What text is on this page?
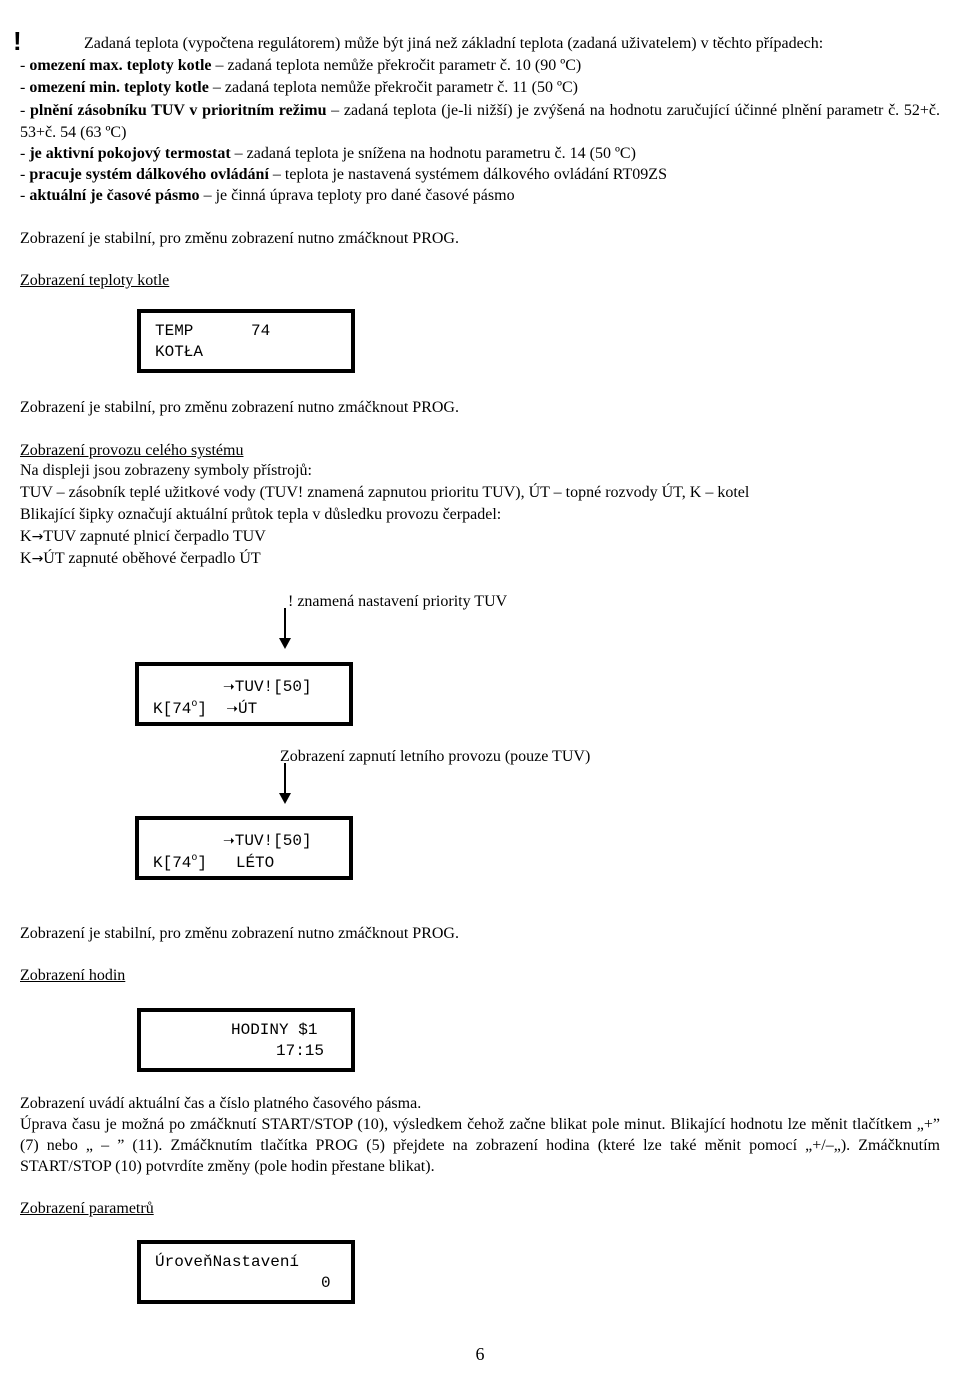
!	Zadaná teplota (vypočtena regulátorem) může být jiná než základní teplota (zadaná uživatelem) v těchto případech:
- omezení max. teploty kotle – zadaná teplota nemůže překročit parametr č. 10 (90 ºC)
- omezení min. teploty kotle – zadaná teplota nemůže překročit parametr č. 11 (50 ºC)
- plnění zásobníku TUV v prioritním režimu – zadaná teplota (je-li nižší) je zvýšená na hodnotu zaručující účinné plnění parametr č. 52+č. 53+č. 54 (63 ºC)
- je aktivní pokojový termostat – zadaná teplota je snížena na hodnotu parametru č. 14 (50 ºC)
- pracuje systém dálkového ovládání – teplota je nastavená systémem dálkového ovládání RT09ZS
- aktuální je časové pásmo – je činná úprava teploty pro dané časové pásmo
Zobrazení je stabilní, pro změnu zobrazení nutno zmáčknout PROG.
Zobrazení teploty kotle
TEMP      74
KOTŁA
Zobrazení je stabilní, pro změnu zobrazení nutno zmáčknout PROG.
Zobrazení provozu celého systému
Na displeji jsou zobrazeny symboly přístrojů:
TUV – zásobník teplé užitkové vody (TUV! znamená zapnutou prioritu TUV), ÚT – topné rozvody ÚT, K – kotel
Blikající šipky označují aktuální průtok tepla v důsledku provozu čerpadel:
K→TUV zapnuté plnicí čerpadlo TUV
K→ÚT zapnuté oběhové čerpadlo ÚT
! znamená nastavení priority TUV
➝TUV![50]
K[74$^o$] ➝ÚT
Zobrazení zapnutí letního provozu (pouze TUV)
➝TUV![50]
K[74$^o$] LÉTO
Zobrazení je stabilní, pro změnu zobrazení nutno zmáčknout PROG.
Zobrazení hodin
HODINY $1
17:15
Zobrazení uvádí aktuální čas a číslo platného časového pásma.
Úprava času je možná po zmáčknutí START/STOP (10), výsledkem čehož začne blikat pole minut. Blikající hodnotu lze měnit tlačítkem „+” (7) nebo „ – ” (11). Zmáčknutím tlačítka PROG (5) přejdete na zobrazení hodina (které lze také měnit pomocí „+/–„). Zmáčknutím START/STOP (10) potvrdíte změny (pole hodin přestane blikat).
Zobrazení parametrů
ÚroveňNastavení
0
6
